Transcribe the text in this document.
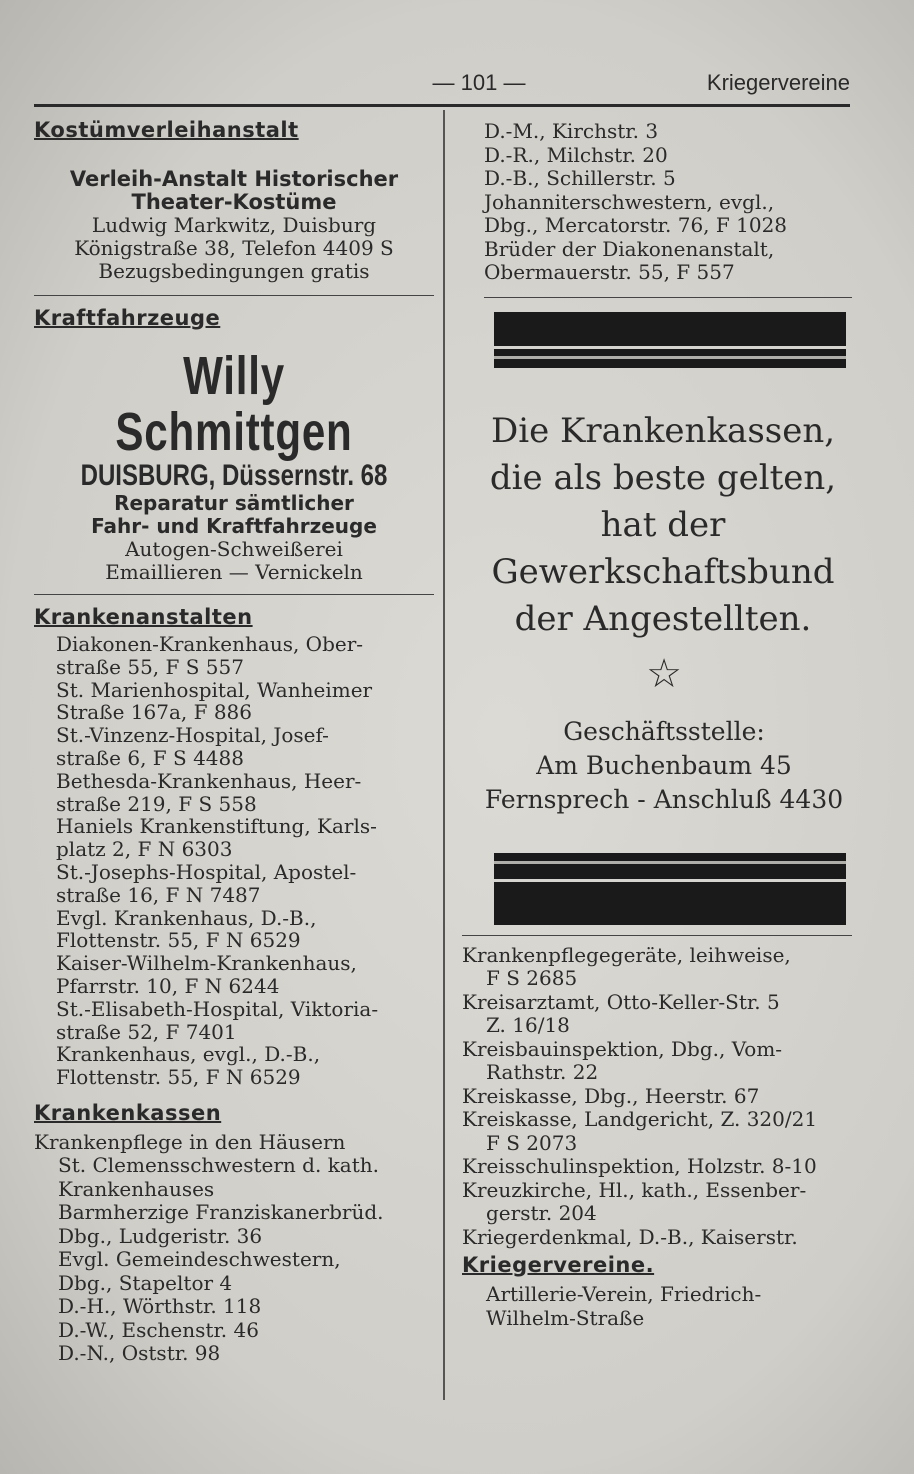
— 101 —	Kriegervereine
Kostümverleihanstalt
Verleih-Anstalt Historischer
Theater-Kostüme
Ludwig Markwitz, Duisburg
Königstraße 38, Telefon 4409 S
Bezugsbedingungen gratis
Kraftfahrzeuge
Willy Schmittgen
DUISBURG, Düssernstr. 68
Reparatur sämtlicher
Fahr- und Kraftfahrzeuge
Autogen-Schweißerei
Emaillieren — Vernickeln
Krankenanstalten
Diakonen-Krankenhaus, Ober-
straße 55, F S 557
St. Marienhospital, Wanheimer
Straße 167a, F 886
St.-Vinzenz-Hospital, Josef-
straße 6, F S 4488
Bethesda-Krankenhaus, Heer-
straße 219, F S 558
Haniels Krankenstiftung, Karls-
platz 2, F N 6303
St.-Josephs-Hospital, Apostel-
straße 16, F N 7487
Evgl. Krankenhaus, D.-B.,
Flottenstr. 55, F N 6529
Kaiser-Wilhelm-Krankenhaus,
Pfarrstr. 10, F N 6244
St.-Elisabeth-Hospital, Viktoria-
straße 52, F 7401
Krankenhaus, evgl., D.-B.,
Flottenstr. 55, F N 6529
Krankenkassen
Krankenpflege in den Häusern
St. Clemensschwestern d. kath.
Krankenhauses
Barmherzige Franziskanerbrüd.
Dbg., Ludgeristr. 36
Evgl. Gemeindeschwestern,
Dbg., Stapeltor 4
D.-H., Wörthstr. 118
D.-W., Eschenstr. 46
D.-N., Oststr. 98
D.-M., Kirchstr. 3
D.-R., Milchstr. 20
D.-B., Schillerstr. 5
Johanniterschwestern, evgl.,
Dbg., Mercatorstr. 76, F 1028
Brüder der Diakonenanstalt,
Obermauerstr. 55, F 557
Die Krankenkassen,
die als beste gelten,
hat der
Gewerkschaftsbund
der Angestellten.
☆
Geschäftsstelle:
Am Buchenbaum 45
Fernsprech - Anschluß 4430
Krankenpflegegeräte, leihweise,
F S 2685
Kreisarztamt, Otto-Keller-Str. 5
Z. 16/18
Kreisbauinspektion, Dbg., Vom-
Rathstr. 22
Kreiskasse, Dbg., Heerstr. 67
Kreiskasse, Landgericht, Z. 320/21
F S 2073
Kreisschulinspektion, Holzstr. 8-10
Kreuzkirche, Hl., kath., Essenber-
gerstr. 204
Kriegerdenkmal, D.-B., Kaiserstr.
Kriegervereine.
Artillerie-Verein, Friedrich-
Wilhelm-Straße
